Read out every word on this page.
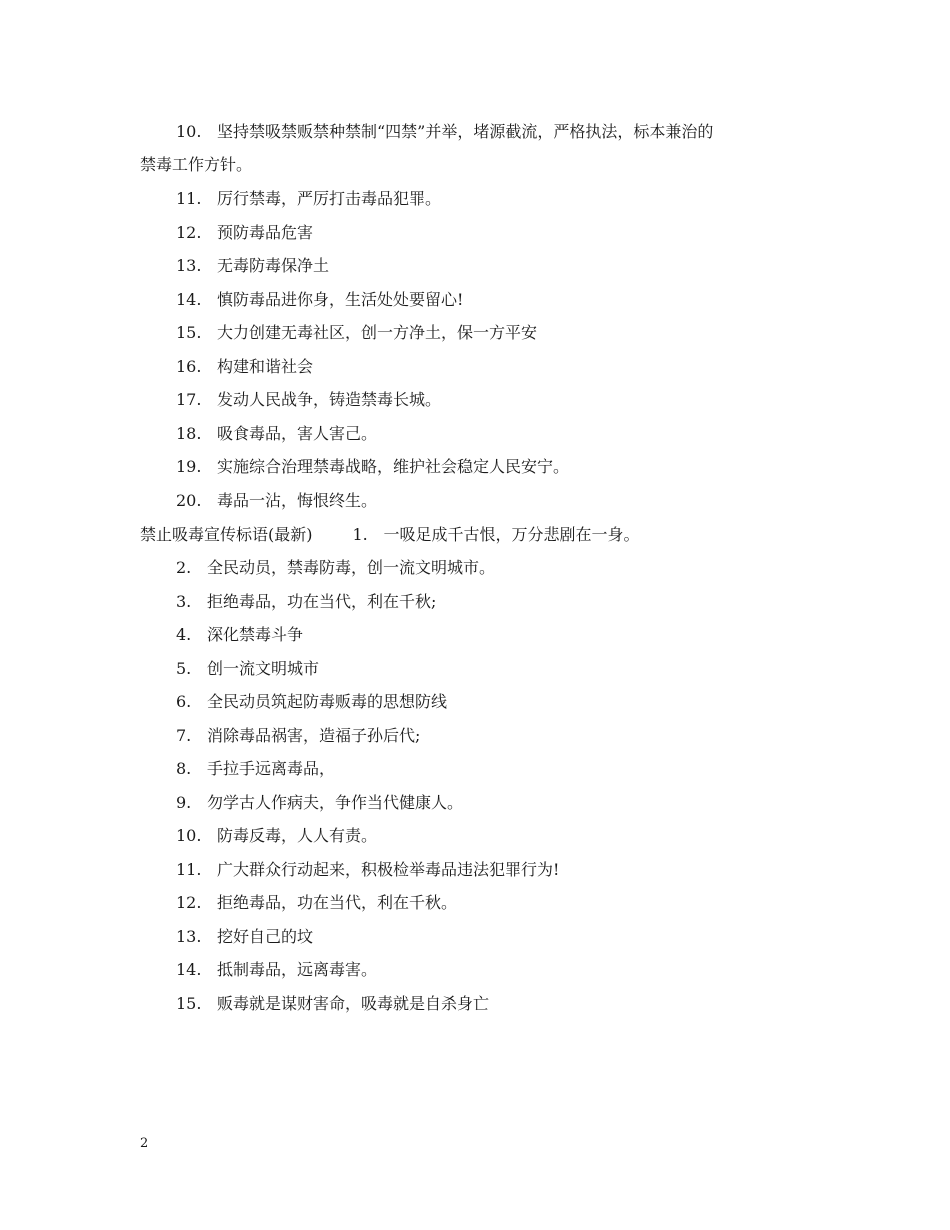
10. 坚持禁吸禁贩禁种禁制“四禁”并举，堵源截流，严格执法，标本兼治的
禁毒工作方针。
11. 厉行禁毒，严厉打击毒品犯罪。
12. 预防毒品危害
13. 无毒防毒保净土
14. 慎防毒品进你身，生活处处要留心!
15. 大力创建无毒社区，创一方净土，保一方平安
16. 构建和谐社会
17. 发动人民战争，铸造禁毒长城。
18. 吸食毒品，害人害己。
19. 实施综合治理禁毒战略，维护社会稳定人民安宁。
20. 毒品一沾，悔恨终生。
禁止吸毒宣传标语(最新)	1. 一吸足成千古恨，万分悲剧在一身。
2. 全民动员，禁毒防毒，创一流文明城市。
3. 拒绝毒品，功在当代，利在千秋;
4. 深化禁毒斗争
5. 创一流文明城市
6. 全民动员筑起防毒贩毒的思想防线
7. 消除毒品祸害，造福子孙后代;
8. 手拉手远离毒品，
9. 勿学古人作病夫，争作当代健康人。
10. 防毒反毒，人人有责。
11. 广大群众行动起来，积极检举毒品违法犯罪行为!
12. 拒绝毒品，功在当代，利在千秋。
13. 挖好自己的坟
14. 抵制毒品，远离毒害。
15. 贩毒就是谋财害命，吸毒就是自杀身亡
2
